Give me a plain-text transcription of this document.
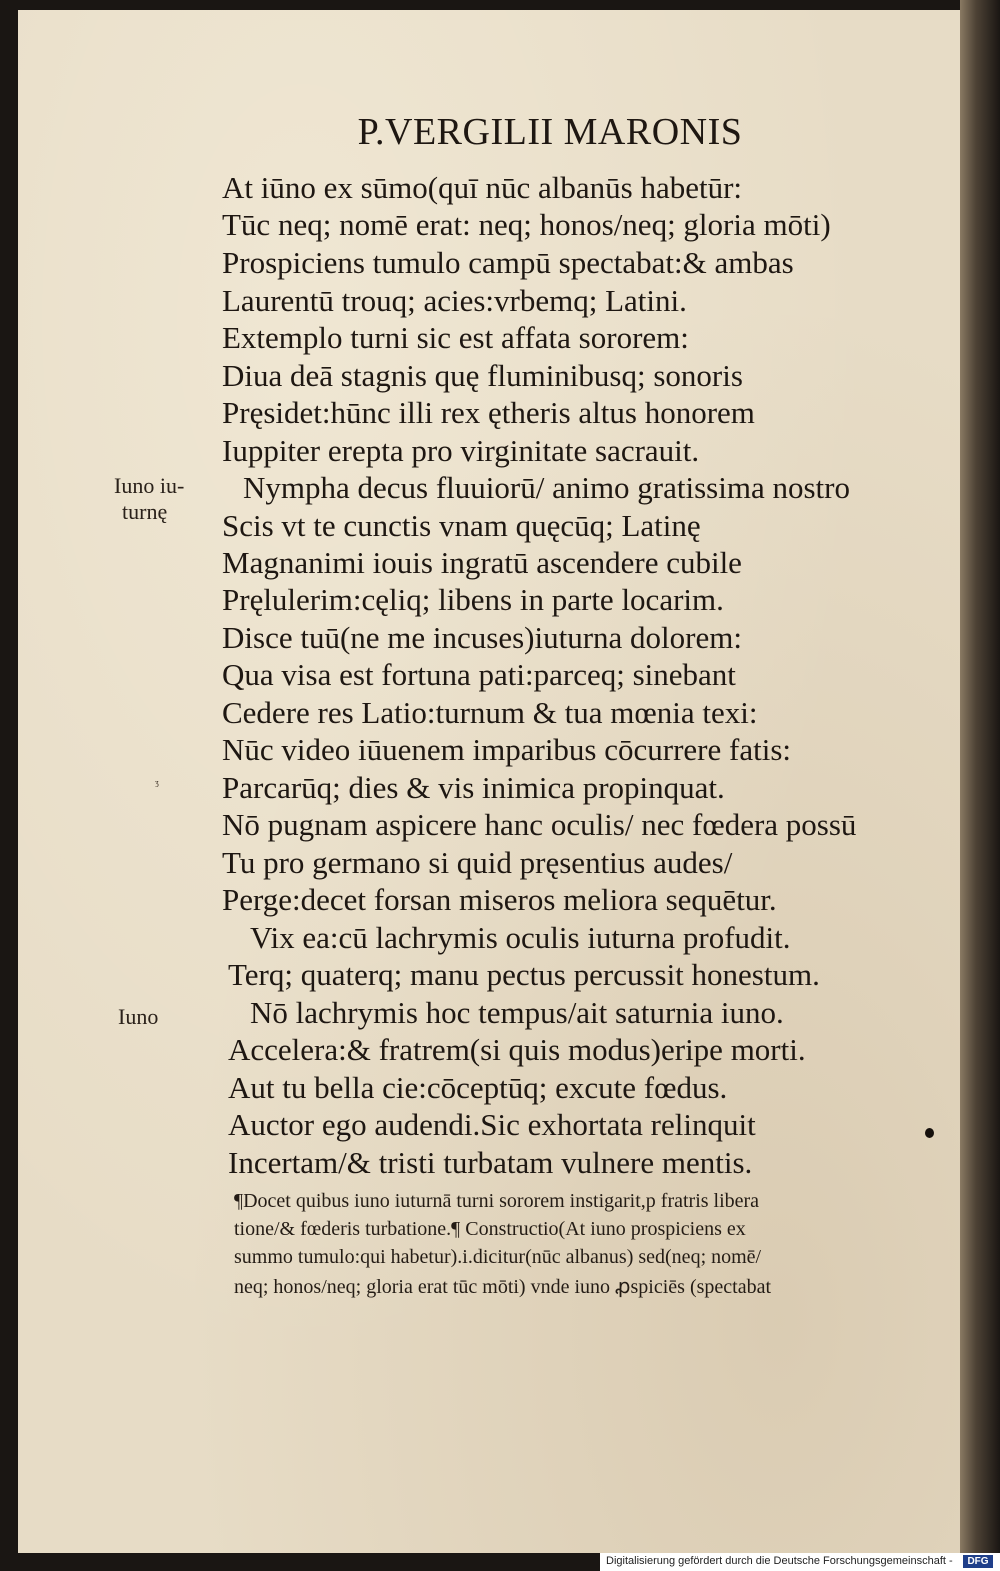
P.VERGILII MARONIS
At iūno ex sūmo(quī nūc albanūs habetūr:
Tūc neq; nomē erat: neq; honos/neq; gloria mōti)
Prospiciens tumulo campū spectabat:& ambas
Laurentū trouq; acies:vrbemq; Latini.
Extemplo turni sic est affata sororem:
Diua deā stagnis quę fluminibusq; sonoris
Pręsidet:hūnc illi rex ętheris altus honorem
Iuppiter erepta pro virginitate sacrauit.
Nympha decus fluuiorū/ animo gratissima nostro
Scis vt te cunctis vnam quęcūq; Latinę
Magnanimi iouis ingratū ascendere cubile
Pręlulerim:cęliq; libens in parte locarim.
Disce tuū(ne me incuses)iuturna dolorem:
Qua visa est fortuna pati:parceq; sinebant
Cedere res Latio:turnum & tua mœnia texi:
Nūc video iūuenem imparibus cōcurrere fatis:
Parcarūq; dies & vis inimica propinquat.
Nō pugnam aspicere hanc oculis/ nec fœdera possū
Tu pro germano si quid pręsentius audes/
Perge:decet forsan miseros meliora sequētur.
Vix ea:cū lachrymis oculis iuturna profudit.
Terq; quaterq; manu pectus percussit honestum.
Nō lachrymis hoc tempus/ait saturnia iuno.
Accelera:& fratrem(si quis modus)eripe morti.
Aut tu bella cie:cōceptūq; excute fœdus.
Auctor ego audendi.Sic exhortata relinquit
Incertam/& tristi turbatam vulnere mentis.
Iuno iu-
turnę
ᶾ
Iuno
¶Docet quibus iuno iuturnā turni sororem instigarit,p fratris libera
tione/& fœderis turbatione.¶ Constructio(At iuno prospiciens ex
summo tumulo:qui habetur).i.dicitur(nūc albanus) sed(neq; nomē/
neq; honos/neq; gloria erat tūc mōti) vnde iuno ꝓspiciēs (spectabat
Digitalisierung gefördert durch die Deutsche Forschungsgemeinschaft -	DFG
